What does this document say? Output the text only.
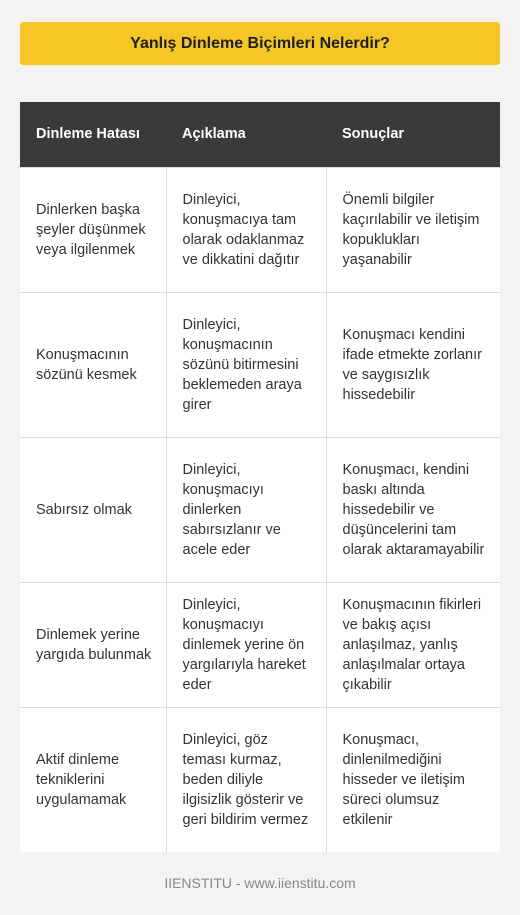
Yanlış Dinleme Biçimleri Nelerdir?
Dinleme Hatası	Açıklama	Sonuçlar
Dinlerken başka şeyler düşünmek veya ilgilenmek	Dinleyici, konuşmacıya tam olarak odaklanmaz ve dikkatini dağıtır	Önemli bilgiler kaçırılabilir ve iletişim kopuklukları yaşanabilir
Konuşmacının sözünü kesmek	Dinleyici, konuşmacının sözünü bitirmesini beklemeden araya girer	Konuşmacı kendini ifade etmekte zorlanır ve saygısızlık hissedebilir
Sabırsız olmak	Dinleyici, konuşmacıyı dinlerken sabırsızlanır ve acele eder	Konuşmacı, kendini baskı altında hissedebilir ve düşüncelerini tam olarak aktaramayabilir
Dinlemek yerine yargıda bulunmak	Dinleyici, konuşmacıyı dinlemek yerine ön yargılarıyla hareket eder	Konuşmacının fikirleri ve bakış açısı anlaşılmaz, yanlış anlaşılmalar ortaya çıkabilir
Aktif dinleme tekniklerini uygulamamak	Dinleyici, göz teması kurmaz, beden diliyle ilgisizlik gösterir ve geri bildirim vermez	Konuşmacı, dinlenilmediğini hisseder ve iletişim süreci olumsuz etkilenir
IIENSTITU - www.iienstitu.com
